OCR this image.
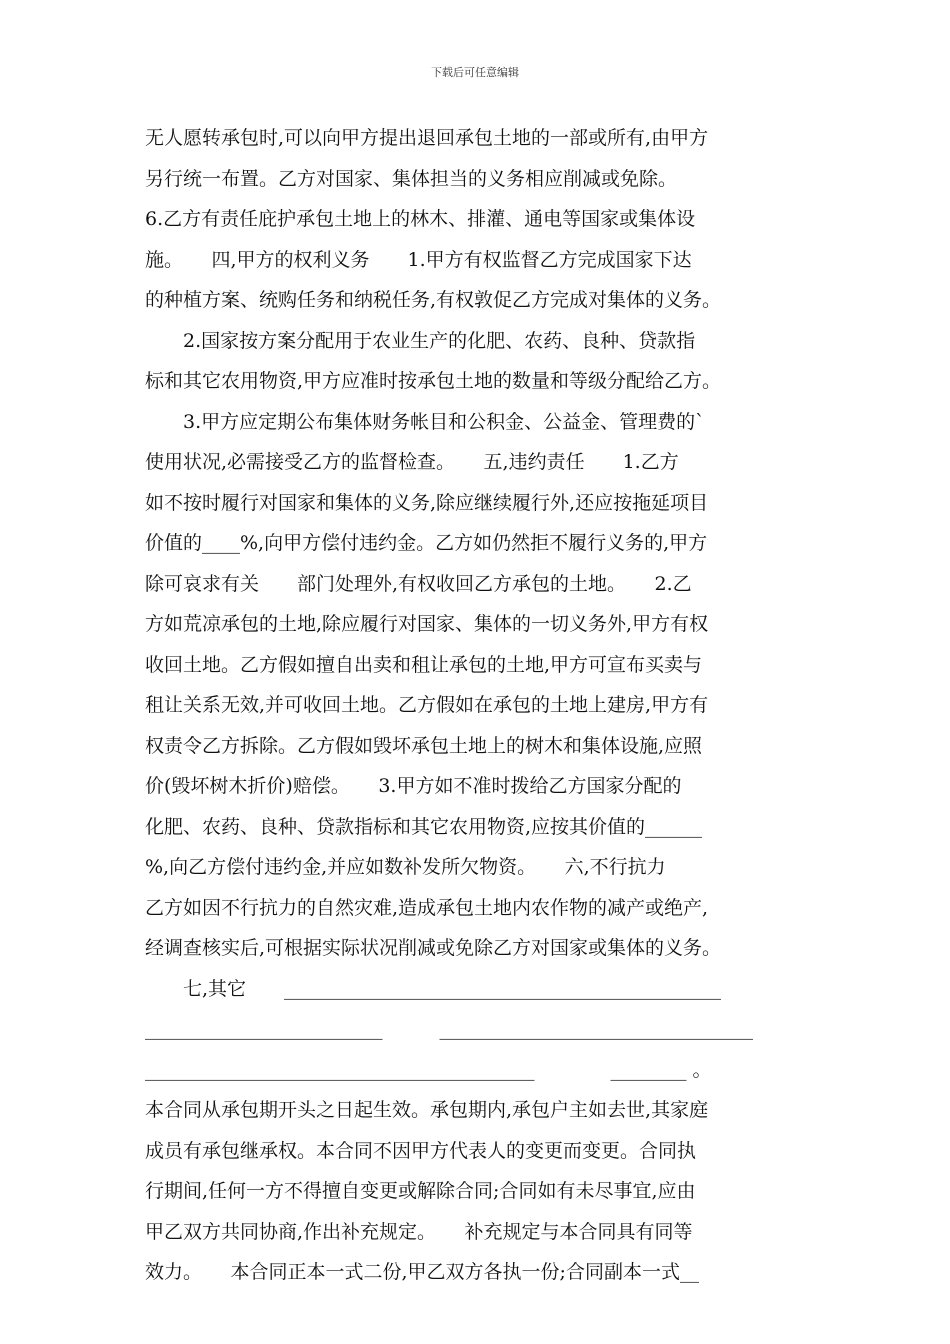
下载后可任意编辑
无人愿转承包时,可以向甲方提出退回承包土地的一部或所有,由甲方
另行统一布置。乙方对国家、集体担当的义务相应削减或免除。
6.乙方有责任庇护承包土地上的林木、排灌、通电等国家或集体设
施。　　四,甲方的权利义务　　1.甲方有权监督乙方完成国家下达
的种植方案、统购任务和纳税任务,有权敦促乙方完成对集体的义务。
　　2.国家按方案分配用于农业生产的化肥、农药、良种、贷款指
标和其它农用物资,甲方应准时按承包土地的数量和等级分配给乙方。
　　3.甲方应定期公布集体财务帐目和公积金、公益金、管理费的`
使用状况,必需接受乙方的监督检查。　　五,违约责任　　1.乙方
如不按时履行对国家和集体的义务,除应继续履行外,还应按拖延项目
价值的____%,向甲方偿付违约金。乙方如仍然拒不履行义务的,甲方
除可哀求有关　　部门处理外,有权收回乙方承包的土地。　　2.乙
方如荒凉承包的土地,除应履行对国家、集体的一切义务外,甲方有权
收回土地。乙方假如擅自出卖和租让承包的土地,甲方可宣布买卖与
租让关系无效,并可收回土地。乙方假如在承包的土地上建房,甲方有
权责令乙方拆除。乙方假如毁坏承包土地上的树木和集体设施,应照
价(毁坏树木折价)赔偿。　　3.甲方如不准时拨给乙方国家分配的
化肥、农药、良种、贷款指标和其它农用物资,应按其价值的______
%,向乙方偿付违约金,并应如数补发所欠物资。　　六,不行抗力
乙方如因不行抗力的自然灾难,造成承包土地内农作物的减产或绝产,
经调查核实后,可根据实际状况削减或免除乙方对国家或集体的义务。
　　七,其它　　______________________________________________
_________________________　　　_________________________________
_________________________________________　　　　________ 。
本合同从承包期开头之日起生效。承包期内,承包户主如去世,其家庭
成员有承包继承权。本合同不因甲方代表人的变更而变更。合同执
行期间,任何一方不得擅自变更或解除合同;合同如有未尽事宜,应由
甲乙双方共同协商,作出补充规定。　　补充规定与本合同具有同等
效力。　　本合同正本一式二份,甲乙双方各执一份;合同副本一式__
